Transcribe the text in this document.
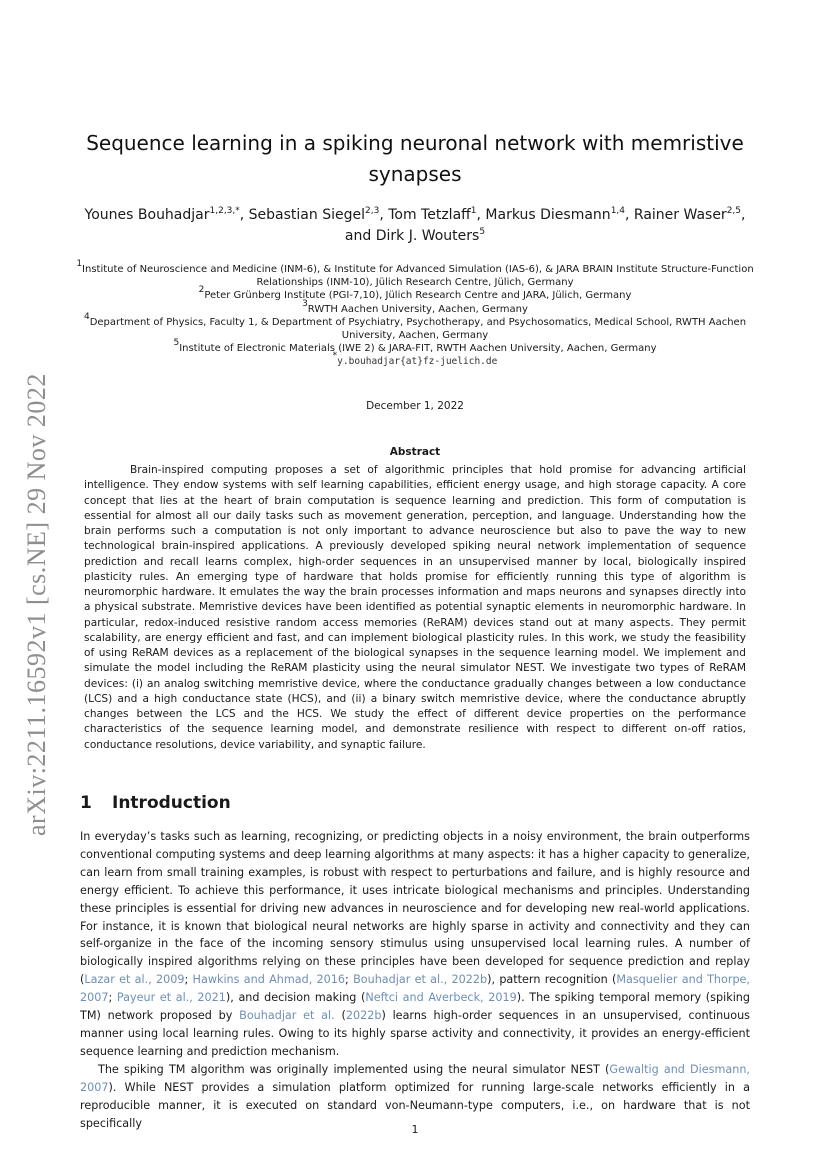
arXiv:2211.16592v1 [cs.NE] 29 Nov 2022
Sequence learning in a spiking neuronal network with memristive synapses
Younes Bouhadjar$^{1,2,3,*}$, Sebastian Siegel$^{2,3}$, Tom Tetzlaff$^1$, Markus Diesmann$^{1,4}$, Rainer Waser$^{2,5}$, and Dirk J. Wouters$^5$
$^1$Institute of Neuroscience and Medicine (INM-6), & Institute for Advanced Simulation (IAS-6), & JARA BRAIN Institute Structure-Function Relationships (INM-10), Jülich Research Centre, Jülich, Germany
$^2$Peter Grünberg Institute (PGI-7,10), Jülich Research Centre and JARA, Jülich, Germany
$^3$RWTH Aachen University, Aachen, Germany
$^4$Department of Physics, Faculty 1, & Department of Psychiatry, Psychotherapy, and Psychosomatics, Medical School, RWTH Aachen University, Aachen, Germany
$^5$Institute of Electronic Materials (IWE 2) & JARA-FIT, RWTH Aachen University, Aachen, Germany
*y.bouhadjar{at}fz-juelich.de
December 1, 2022
Abstract
Brain-inspired computing proposes a set of algorithmic principles that hold promise for advancing artificial intelligence. They endow systems with self learning capabilities, efficient energy usage, and high storage capacity. A core concept that lies at the heart of brain computation is sequence learning and prediction. This form of computation is essential for almost all our daily tasks such as movement generation, perception, and language. Understanding how the brain performs such a computation is not only important to advance neuroscience but also to pave the way to new technological brain-inspired applications. A previously developed spiking neural network implementation of sequence prediction and recall learns complex, high-order sequences in an unsupervised manner by local, biologically inspired plasticity rules. An emerging type of hardware that holds promise for efficiently running this type of algorithm is neuromorphic hardware. It emulates the way the brain processes information and maps neurons and synapses directly into a physical substrate. Memristive devices have been identified as potential synaptic elements in neuromorphic hardware. In particular, redox-induced resistive random access memories (ReRAM) devices stand out at many aspects. They permit scalability, are energy efficient and fast, and can implement biological plasticity rules. In this work, we study the feasibility of using ReRAM devices as a replacement of the biological synapses in the sequence learning model. We implement and simulate the model including the ReRAM plasticity using the neural simulator NEST. We investigate two types of ReRAM devices: (i) an analog switching memristive device, where the conductance gradually changes between a low conductance (LCS) and a high conductance state (HCS), and (ii) a binary switch memristive device, where the conductance abruptly changes between the LCS and the HCS. We study the effect of different device properties on the performance characteristics of the sequence learning model, and demonstrate resilience with respect to different on-off ratios, conductance resolutions, device variability, and synaptic failure.
1 Introduction

In everyday’s tasks such as learning, recognizing, or predicting objects in a noisy environment, the brain outperforms conventional computing systems and deep learning algorithms at many aspects: it has a higher capacity to generalize, can learn from small training examples, is robust with respect to perturbations and failure, and is highly resource and energy efficient. To achieve this performance, it uses intricate biological mechanisms and principles. Understanding these principles is essential for driving new advances in neuroscience and for developing new real-world applications. For instance, it is known that biological neural networks are highly sparse in activity and connectivity and they can self-organize in the face of the incoming sensory stimulus using unsupervised local learning rules. A number of biologically inspired algorithms relying on these principles have been developed for sequence prediction and replay (Lazar et al., 2009; Hawkins and Ahmad, 2016; Bouhadjar et al., 2022b), pattern recognition (Masquelier and Thorpe, 2007; Payeur et al., 2021), and decision making (Neftci and Averbeck, 2019). The spiking temporal memory (spiking TM) network proposed by Bouhadjar et al. (2022b) learns high-order sequences in an unsupervised, continuous manner using local learning rules. Owing to its highly sparse activity and connectivity, it provides an energy-efficient sequence learning and prediction mechanism.

The spiking TM algorithm was originally implemented using the neural simulator NEST (Gewaltig and Diesmann, 2007). While NEST provides a simulation platform optimized for running large-scale networks efficiently in a reproducible manner, it is executed on standard von-Neumann-type computers, i.e., on hardware that is not specifically	1
